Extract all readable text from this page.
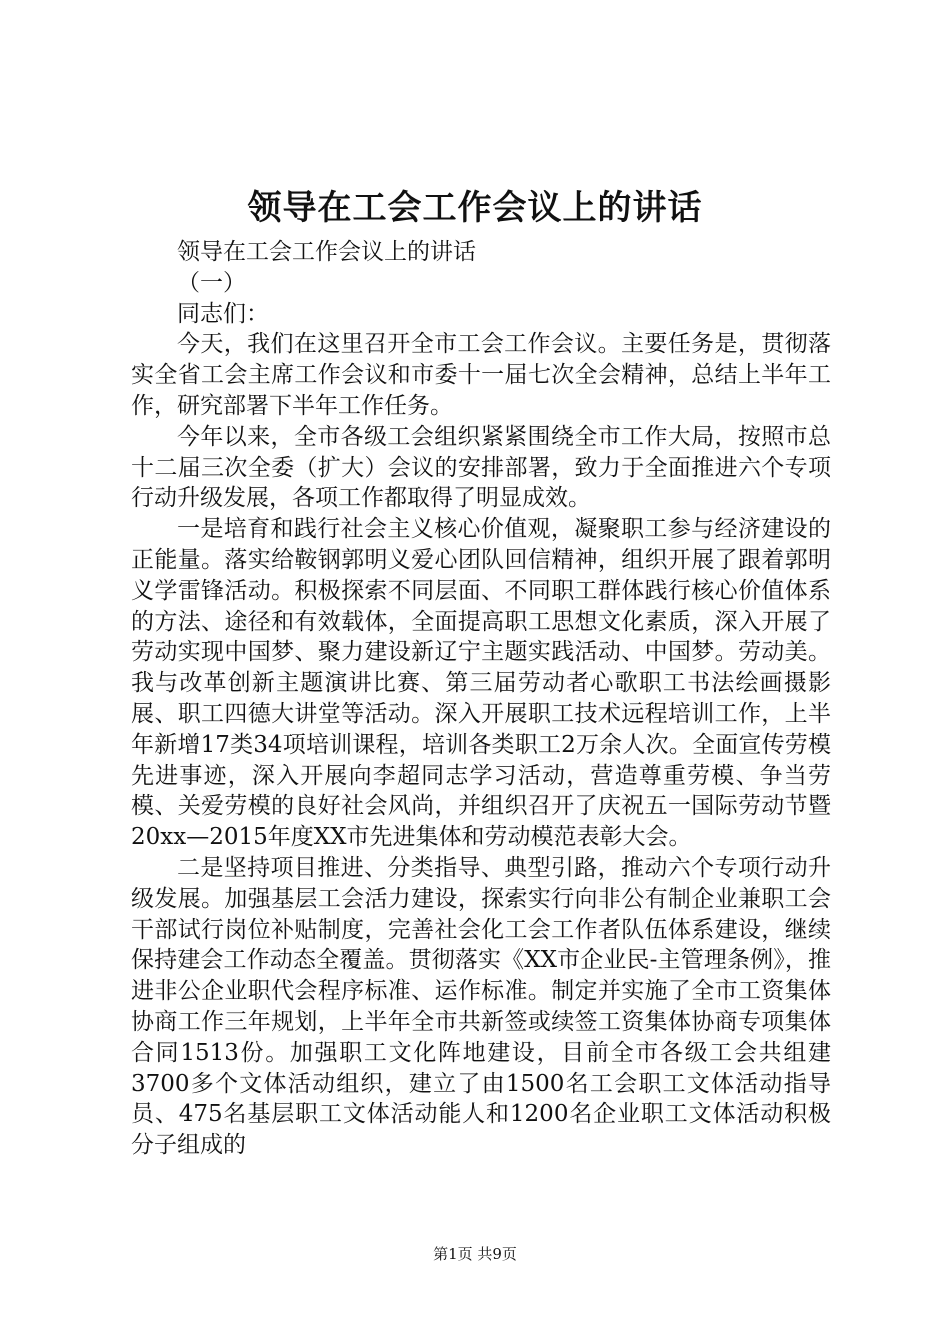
领导在工会工作会议上的讲话

领导在工会工作会议上的讲话

（一）

同志们：

今天，我们在这里召开全市工会工作会议。主要任务是，贯彻落实全省工会主席工作会议和市委十一届七次全会精神，总结上半年工作，研究部署下半年工作任务。

今年以来，全市各级工会组织紧紧围绕全市工作大局，按照市总十二届三次全委（扩大）会议的安排部署，致力于全面推进六个专项行动升级发展，各项工作都取得了明显成效。

一是培育和践行社会主义核心价值观，凝聚职工参与经济建设的正能量。落实给鞍钢郭明义爱心团队回信精神，组织开展了跟着郭明义学雷锋活动。积极探索不同层面、不同职工群体践行核心价值体系的方法、途径和有效载体，全面提高职工思想文化素质，深入开展了劳动实现中国梦、聚力建设新辽宁主题实践活动、中国梦。劳动美。我与改革创新主题演讲比赛、第三届劳动者心歌职工书法绘画摄影展、职工四德大讲堂等活动。深入开展职工技术远程培训工作，上半年新增17类34项培训课程，培训各类职工2万余人次。全面宣传劳模先进事迹，深入开展向李超同志学习活动，营造尊重劳模、争当劳模、关爱劳模的良好社会风尚，并组织召开了庆祝五一国际劳动节暨20xx—2015年度XX市先进集体和劳动模范表彰大会。

二是坚持项目推进、分类指导、典型引路，推动六个专项行动升级发展。加强基层工会活力建设，探索实行向非公有制企业兼职工会干部试行岗位补贴制度，完善社会化工会工作者队伍体系建设，继续保持建会工作动态全覆盖。贯彻落实《XX市企业民-主管理条例》，推进非公企业职代会程序标准、运作标准。制定并实施了全市工资集体协商工作三年规划，上半年全市共新签或续签工资集体协商专项集体合同1513份。加强职工文化阵地建设，目前全市各级工会共组建3700多个文体活动组织，建立了由1500名工会职工文体活动指导员、475名基层职工文体活动能人和1200名企业职工文体活动积极分子组成的

第1页 共9页
